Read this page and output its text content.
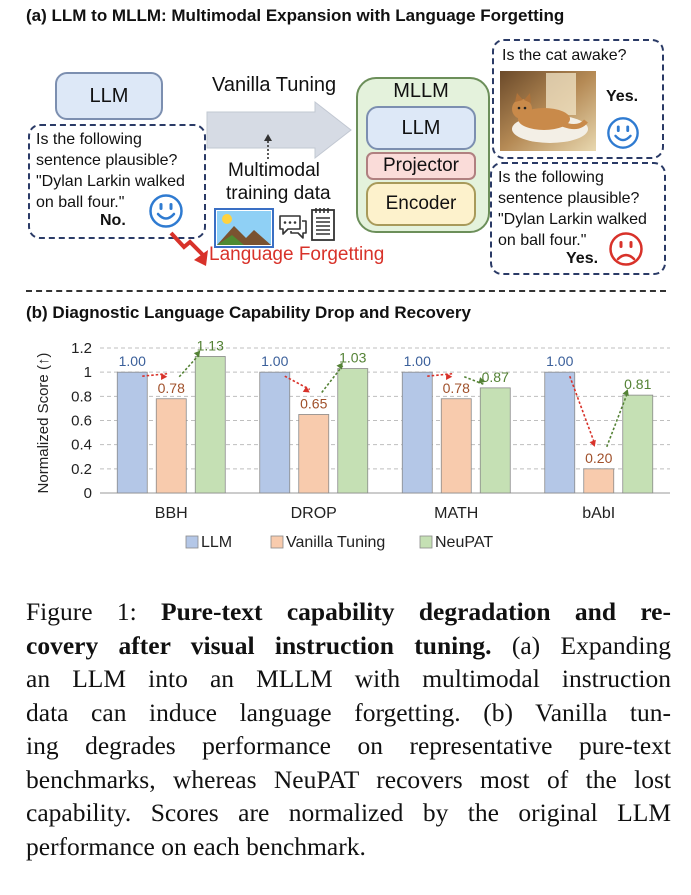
(a) LLM to MLLM: Multimodal Expansion with Language Forgetting
LLM
Is the following
sentence plausible?
"Dylan Larkin walked
on ball four."
No.
Vanilla Tuning
Multimodal
training data
Language Forgetting
MLLM
LLM
Projector
Encoder
Is the cat awake?
Yes.
Is the following
sentence plausible?
"Dylan Larkin walked
on ball four."
Yes.
(b) Diagnostic Language Capability Drop and Recovery
0
0.2
0.4
0.6
0.8
1
1.2
1.00
0.78
1.13
1.00
0.65
1.03	1.00
0.78
0.87
1.00
0.20
0.81
BBH	DROP	MATH	bAbI
LLM	Vanilla Tuning	NeuPAT
Normalized Score (↑)
Figure 1: Pure-text capability degradation and re-
covery after visual instruction tuning. (a) Expanding
an LLM into an MLLM with multimodal instruction
data can induce language forgetting. (b) Vanilla tun-
ing degrades performance on representative pure-text
benchmarks, whereas NeuPAT recovers most of the lost
capability. Scores are normalized by the original LLM
performance on each benchmark.
